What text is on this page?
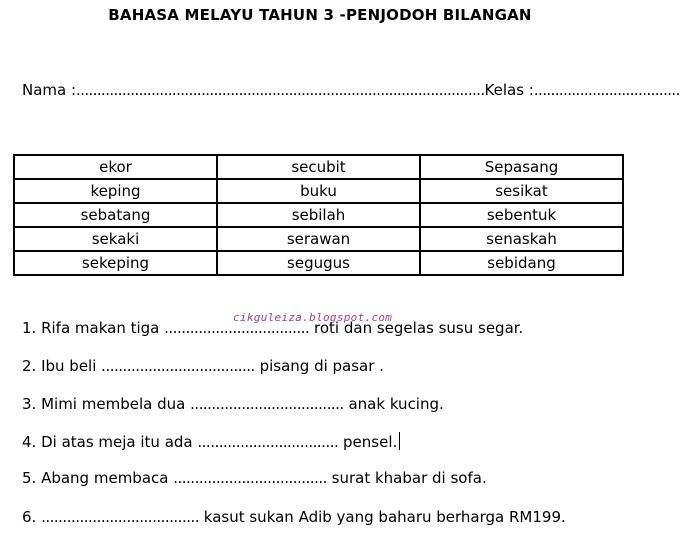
BAHASA MELAYU TAHUN 3 -PENJODOH BILANGAN
Nama :..................................................................................................Kelas :...................................
ekor	secubit	Sepasang
keping	buku	sesikat
sebatang	sebilah	sebentuk
sekaki	serawan	senaskah
sekeping	segugus	sebidang
cikguleiza.blogspot.com
1. Rifa makan tiga .................................. roti dan segelas susu segar.
2. Ibu beli .................................... pisang di pasar .
3. Mimi membela dua .................................... anak kucing.
4. Di atas meja itu ada ................................. pensel.
5. Abang membaca .................................... surat khabar di sofa.
6. ..................................... kasut sukan Adib yang baharu berharga RM199.
